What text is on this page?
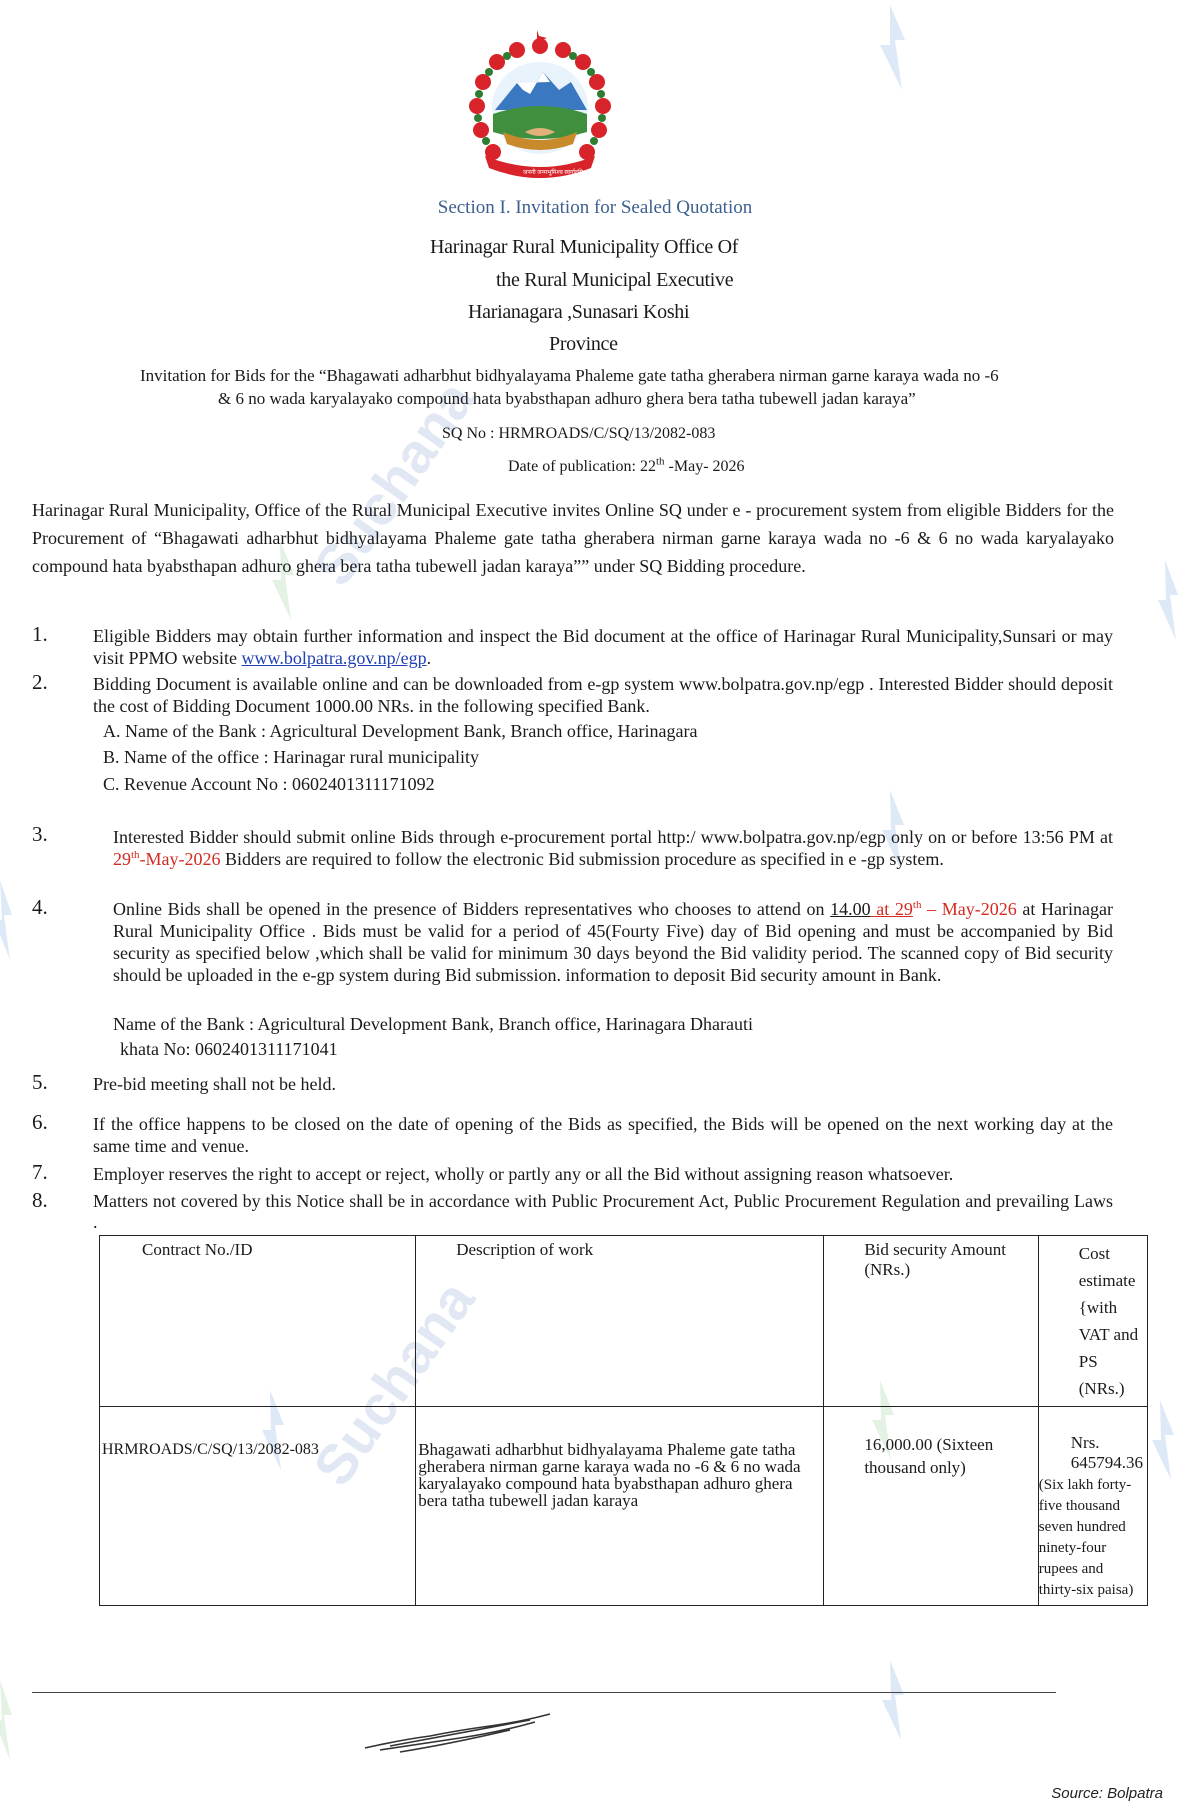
Suchana
Suchana
जननी जन्मभूमिश्च स्वर्गादपि गरीयसी
Section I. Invitation for Sealed Quotation
Harinagar Rural Municipality Office Of
the Rural Municipal Executive
Harianagara ,Sunasari Koshi
Province
Invitation for Bids for the “Bhagawati adharbhut bidhyalayama Phaleme gate tatha gherabera nirman garne karaya wada no -6
& 6 no wada karyalayako compound hata byabsthapan adhuro ghera bera tatha tubewell jadan karaya”
SQ No : HRMROADS/C/SQ/13/2082-083
Date of publication: 22th -May- 2026
Harinagar Rural Municipality, Office of the Rural Municipal Executive invites Online SQ under e - procurement system from eligible Bidders for the Procurement of “Bhagawati adharbhut bidhyalayama Phaleme gate tatha gherabera nirman garne karaya wada no -6 & 6 no wada karyalayako compound hata byabsthapan adhuro ghera bera tatha tubewell jadan karaya”” under SQ Bidding procedure.
1.	Eligible Bidders may obtain further information and inspect the Bid document at the office of Harinagar Rural Municipality,Sunsari or may visit PPMO website www.bolpatra.gov.np/egp.
2.	Bidding Document is available online and can be downloaded from e-gp system www.bolpatra.gov.np/egp . Interested Bidder should deposit the cost of Bidding Document 1000.00 NRs. in the following specified Bank.
A. Name of the Bank : Agricultural Development Bank, Branch office, Harinagara
B. Name of the office : Harinagar rural municipality
C. Revenue Account No : 0602401311171092
3.	Interested Bidder should submit online Bids through e-procurement portal http:/ www.bolpatra.gov.np/egp only on or before 13:56 PM at 29th-May-2026 Bidders are required to follow the electronic Bid submission procedure as specified in e -gp system.
4.	Online Bids shall be opened in the presence of Bidders representatives who chooses to attend on 14.00 at 29th – May-2026 at Harinagar Rural Municipality Office . Bids must be valid for a period of 45(Fourty Five) day of Bid opening and must be accompanied by Bid security as specified below ,which shall be valid for minimum 30 days beyond the Bid validity period. The scanned copy of Bid security should be uploaded in the e-gp system during Bid submission. information to deposit Bid security amount in Bank.
Name of the Bank : Agricultural Development Bank, Branch office, Harinagara Dharauti
khata No: 0602401311171041
5.	Pre-bid meeting shall not be held.
6.	If the office happens to be closed on the date of opening of the Bids as specified, the Bids will be opened on the next working day at the same time and venue.
7.	Employer reserves the right to accept or reject, wholly or partly any or all the Bid without assigning reason whatsoever.
8.	Matters not covered by this Notice shall be in accordance with Public Procurement Act, Public Procurement Regulation and prevailing Laws .
Contract No./ID	Description of work	Bid security Amount (NRs.)	Cost estimate {with VAT and PS (NRs.)
HRMROADS/C/SQ/13/2082-083	Bhagawati adharbhut bidhyalayama Phaleme gate tatha gherabera nirman garne karaya wada no -6 & 6 no wada karyalayako compound hata byabsthapan adhuro ghera bera tatha tubewell jadan karaya	16,000.00 (Sixteen thousand only)	Nrs. 645794.36
(Six lakh forty-five thousand seven hundred ninety-four rupees and thirty-six paisa)
Source: Bolpatra
